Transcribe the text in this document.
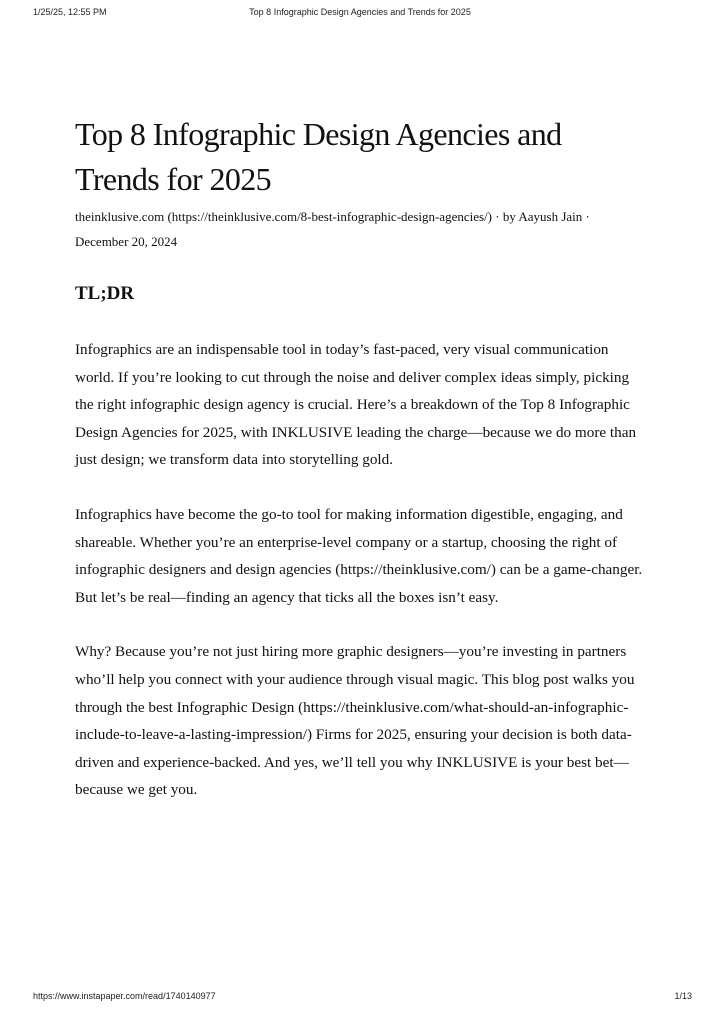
1/25/25, 12:55 PM	Top 8 Infographic Design Agencies and Trends for 2025
Top 8 Infographic Design Agencies and Trends for 2025
theinklusive.com (https://theinklusive.com/8-best-infographic-design-agencies/) · by Aayush Jain · December 20, 2024
TL;DR

Infographics are an indispensable tool in today’s fast-paced, very visual communication world. If you’re looking to cut through the noise and deliver complex ideas simply, picking the right infographic design agency is crucial. Here’s a breakdown of the Top 8 Infographic Design Agencies for 2025, with INKLUSIVE leading the charge—because we do more than just design; we transform data into storytelling gold.

Infographics have become the go-to tool for making information digestible, engaging, and shareable. Whether you’re an enterprise-level company or a startup, choosing the right of infographic designers and design agencies (https://theinklusive.com/) can be a game-changer. But let’s be real—finding an agency that ticks all the boxes isn’t easy.

Why? Because you’re not just hiring more graphic designers—you’re investing in partners who’ll help you connect with your audience through visual magic. This blog post walks you through the best Infographic Design (https://theinklusive.com/what-should-an-infographic-include-to-leave-a-lasting-impression/) Firms for 2025, ensuring your decision is both data-driven and experience-backed. And yes, we’ll tell you why INKLUSIVE is your best bet—because we get you.

https://www.instapaper.com/read/1740140977	1/13
